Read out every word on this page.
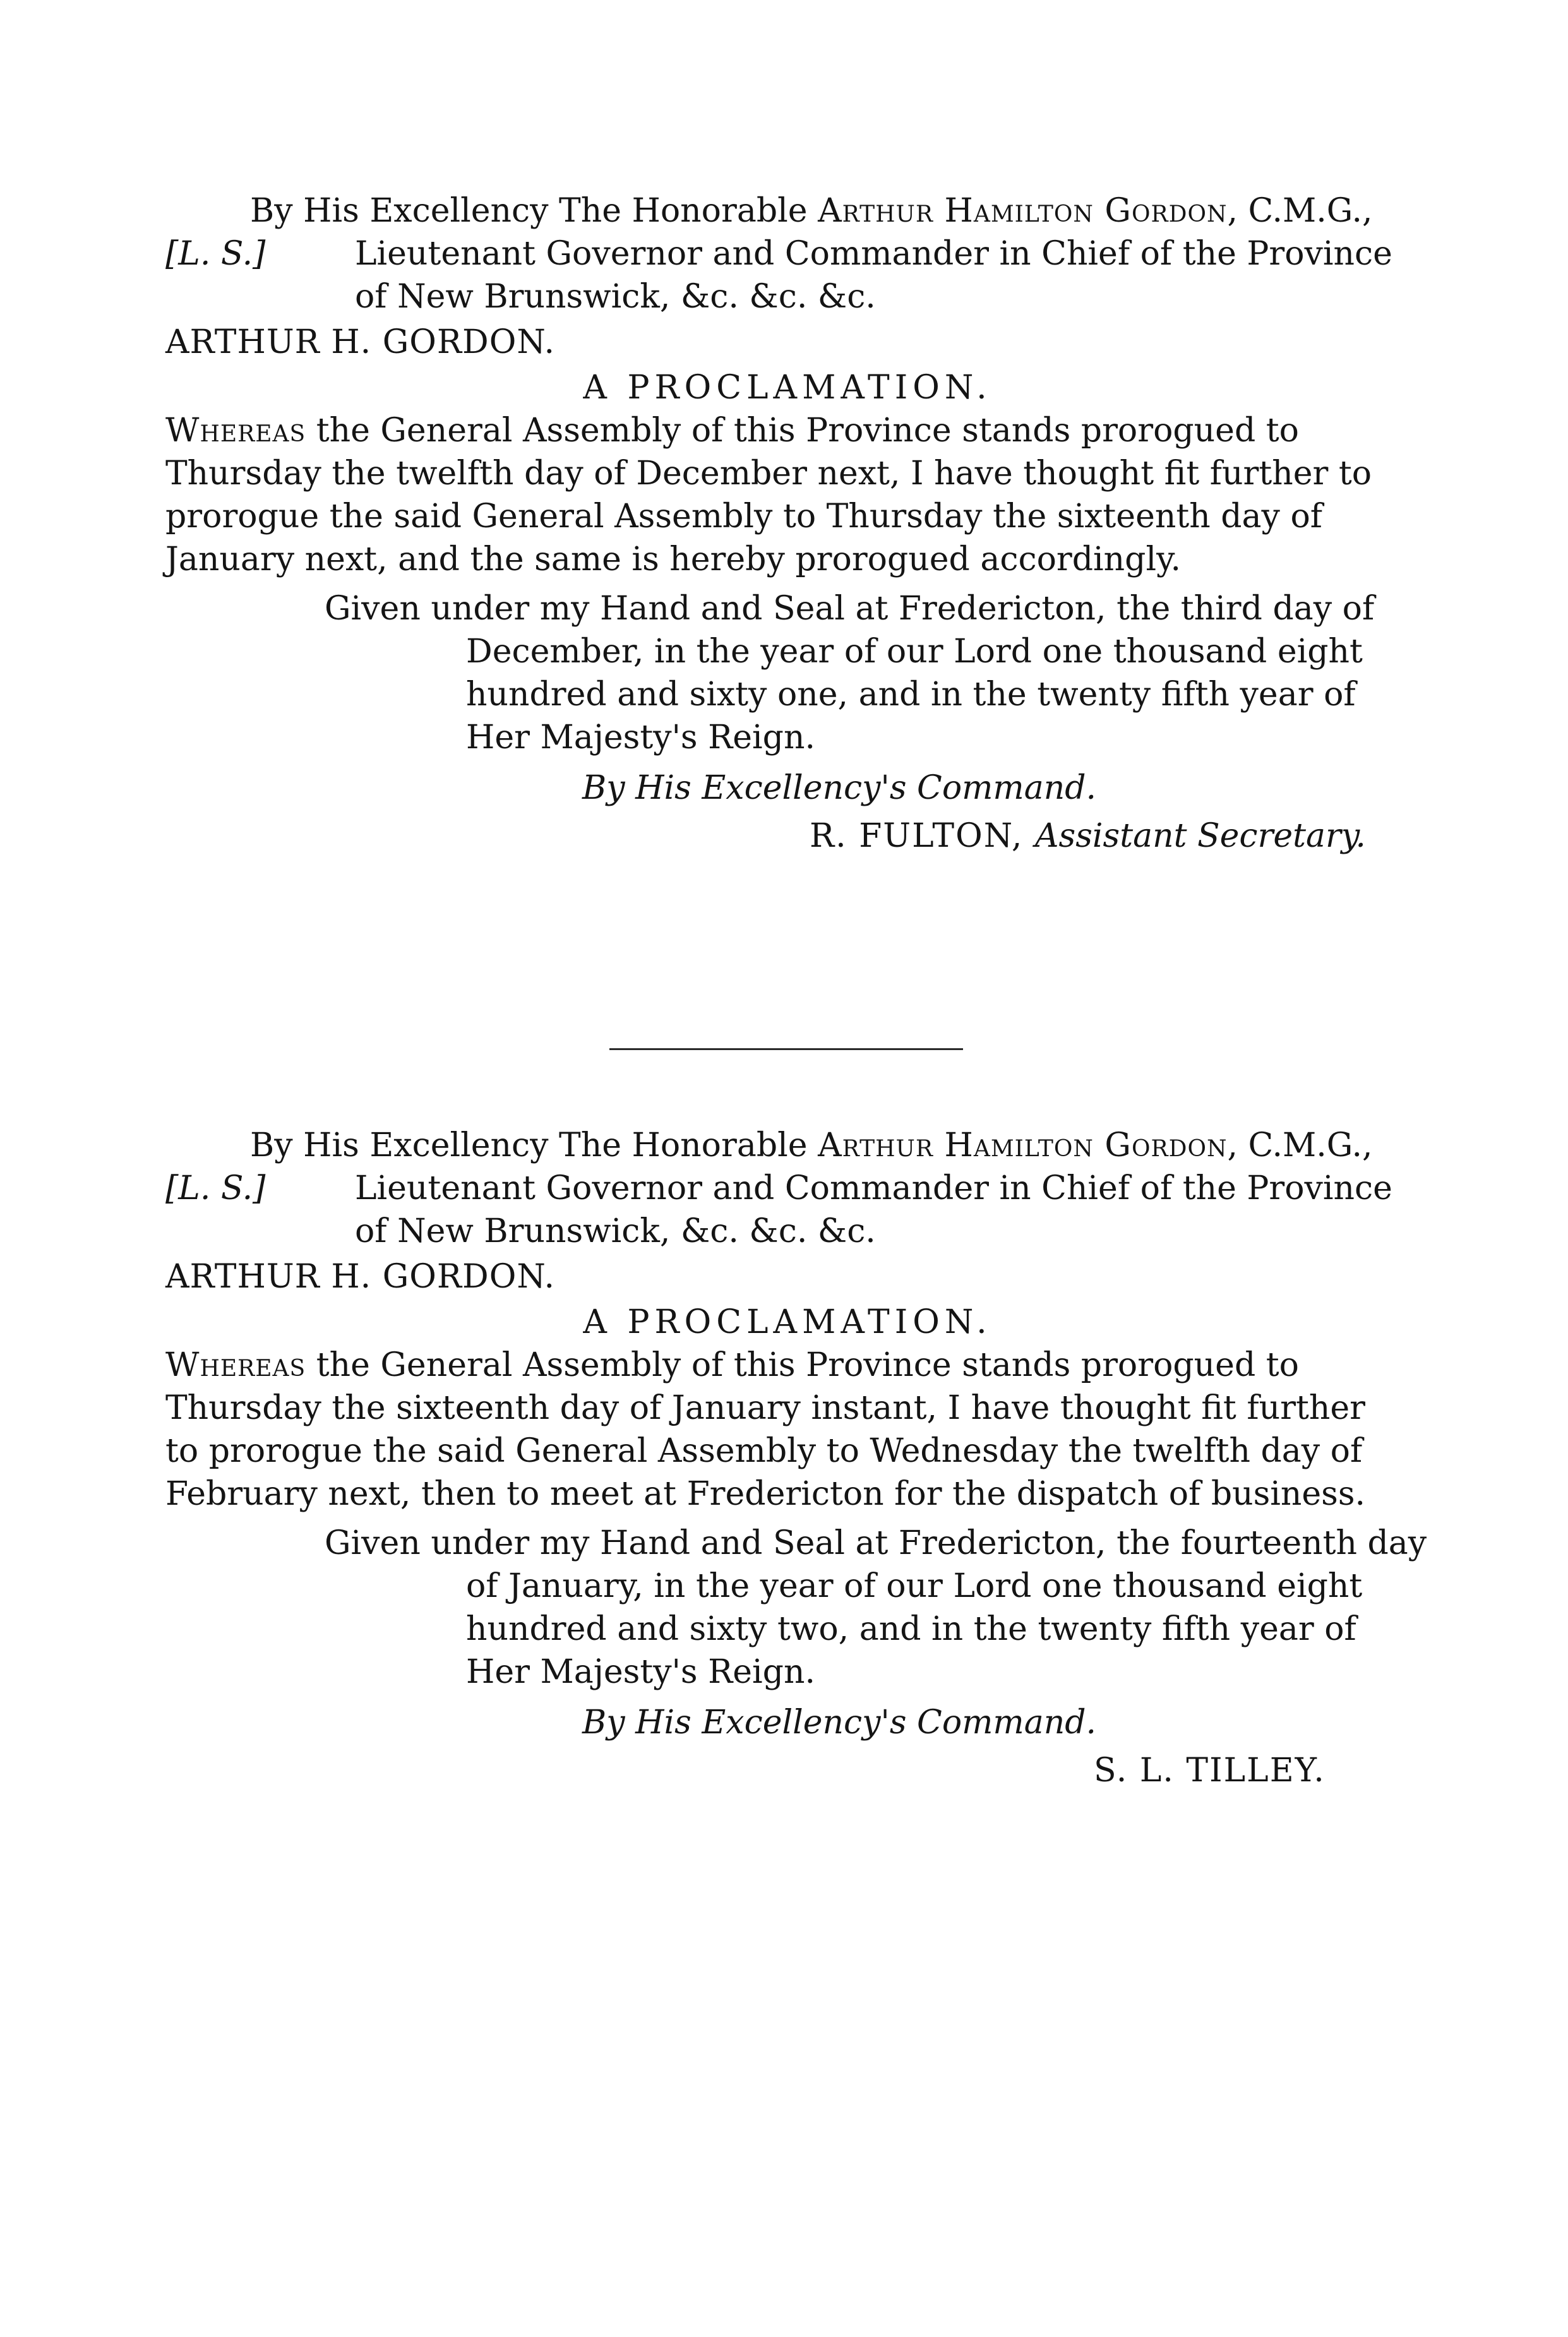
By His Excellency The Honorable Arthur Hamilton Gordon, C.M.G.,
[L. S.]	Lieutenant Governor and Commander in Chief of the Province
of New Brunswick, &c. &c. &c.
ARTHUR H. GORDON.
A PROCLAMATION.
Whereas the General Assembly of this Province stands prorogued to
Thursday the twelfth day of December next, I have thought fit further to
prorogue the said General Assembly to Thursday the sixteenth day of
January next, and the same is hereby prorogued accordingly.
Given under my Hand and Seal at Fredericton, the third day of
December, in the year of our Lord one thousand eight
hundred and sixty one, and in the twenty fifth year of
Her Majesty's Reign.
By His Excellency's Command.
R. FULTON, Assistant Secretary.
By His Excellency The Honorable Arthur Hamilton Gordon, C.M.G.,
[L. S.]	Lieutenant Governor and Commander in Chief of the Province
of New Brunswick, &c. &c. &c.
ARTHUR H. GORDON.
A PROCLAMATION.
Whereas the General Assembly of this Province stands prorogued to
Thursday the sixteenth day of January instant, I have thought fit further
to prorogue the said General Assembly to Wednesday the twelfth day of
February next, then to meet at Fredericton for the dispatch of business.
Given under my Hand and Seal at Fredericton, the fourteenth day
of January, in the year of our Lord one thousand eight
hundred and sixty two, and in the twenty fifth year of
Her Majesty's Reign.
By His Excellency's Command.
S. L. TILLEY.
